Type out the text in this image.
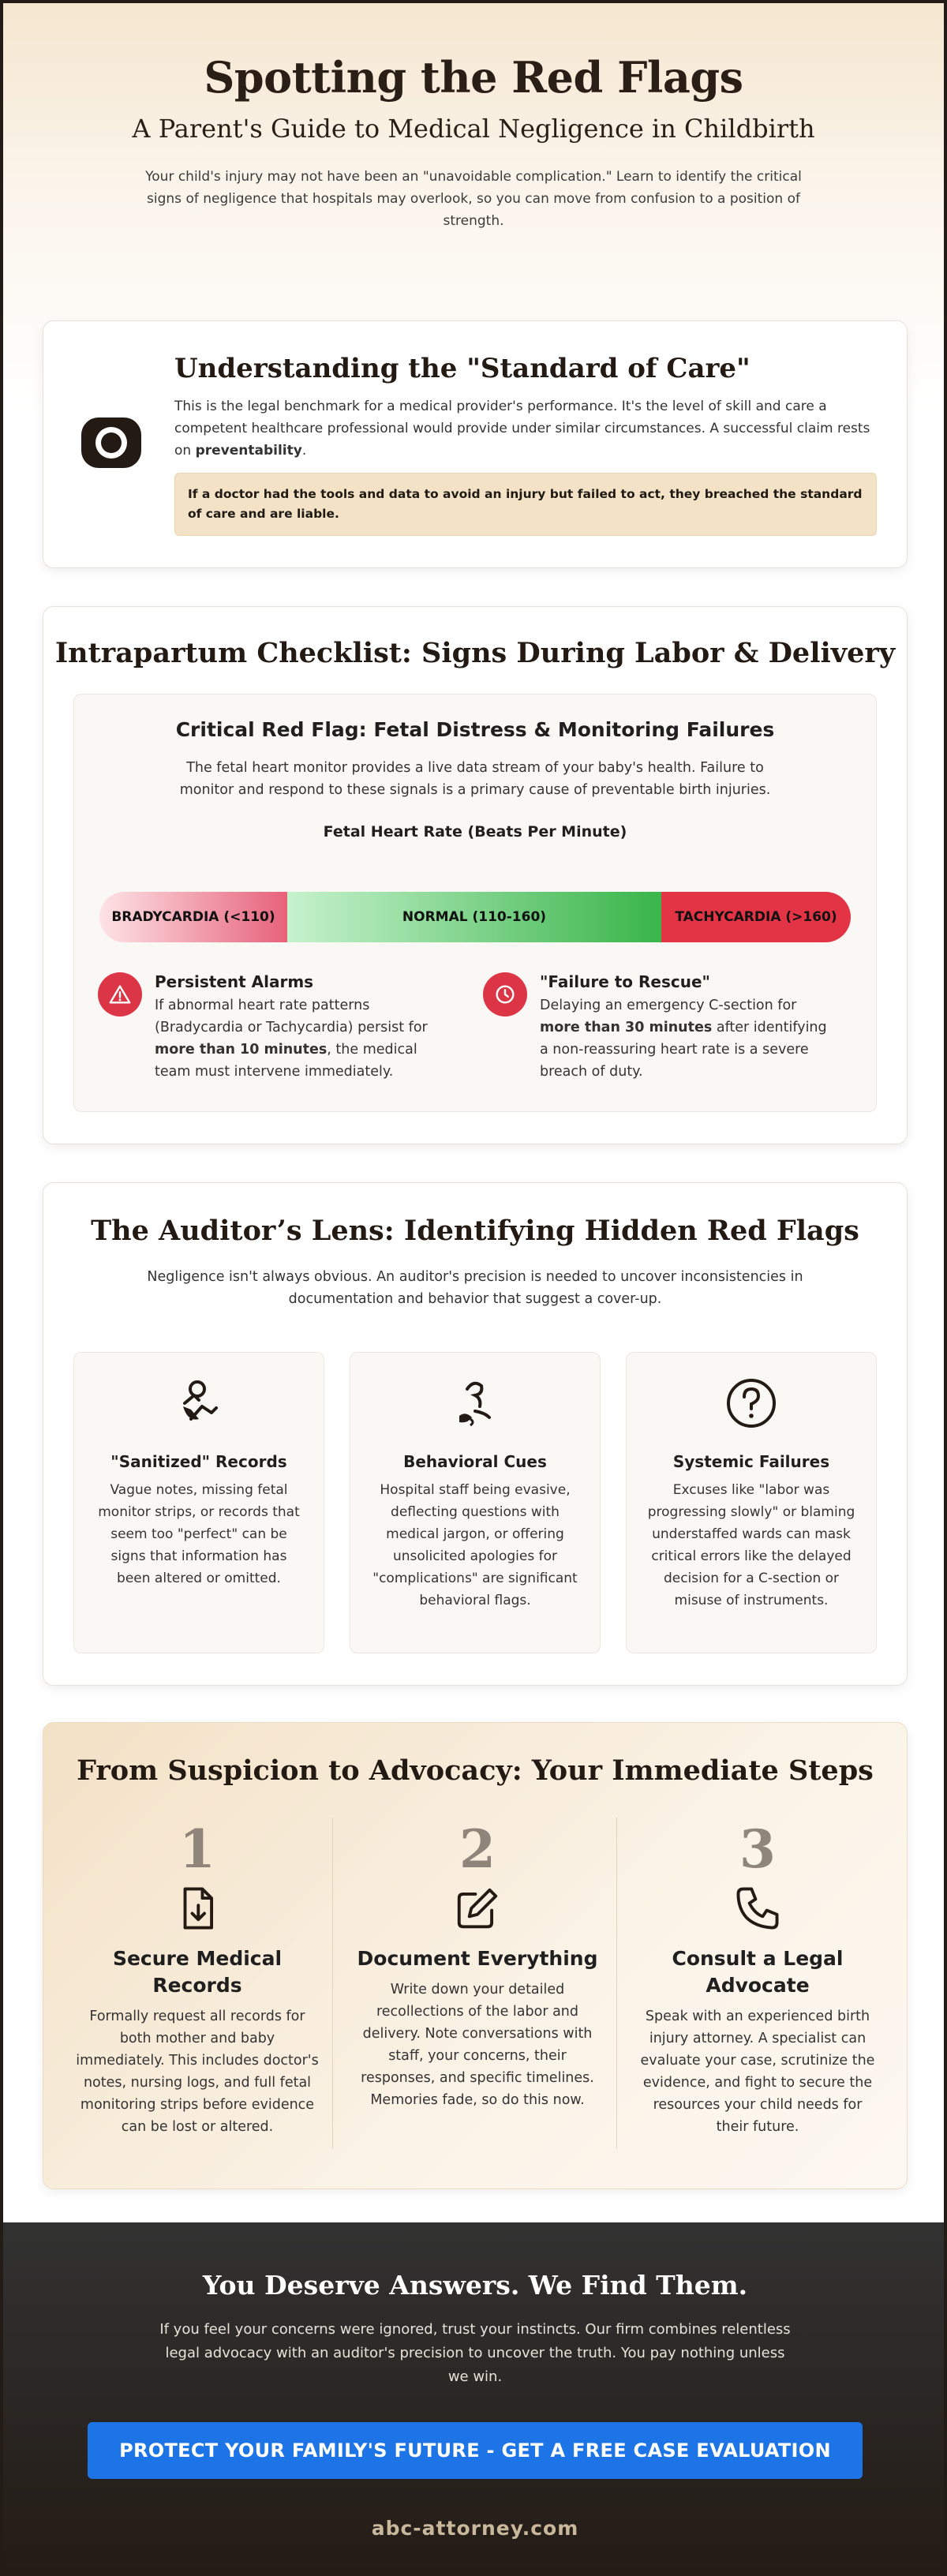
Spotting the Red Flags
A Parent's Guide to Medical Negligence in Childbirth

Your child's injury may not have been an "unavoidable complication." Learn to identify the critical signs of negligence that hospitals may overlook, so you can move from confusion to a position of strength.

Understanding the "Standard of Care"

This is the legal benchmark for a medical provider's performance. It's the level of skill and care a competent healthcare professional would provide under similar circumstances. A successful claim rests on preventability.

If a doctor had the tools and data to avoid an injury but failed to act, they breached the standard of care and are liable.
Intrapartum Checklist: Signs During Labor & Delivery
Critical Red Flag: Fetal Distress & Monitoring Failures
The fetal heart monitor provides a live data stream of your baby's health. Failure to monitor and respond to these signals is a primary cause of preventable birth injuries.
Fetal Heart Rate (Beats Per Minute)
BRADYCARDIA (<110)	NORMAL (110-160)	TACHYCARDIA (>160)
Persistent Alarms

If abnormal heart rate patterns (Bradycardia or Tachycardia) persist for more than 10 minutes, the medical team must intervene immediately.

"Failure to Rescue"

Delaying an emergency C-section for more than 30 minutes after identifying a non-reassuring heart rate is a severe breach of duty.

The Auditor’s Lens: Identifying Hidden Red Flags
Negligence isn't always obvious. An auditor's precision is needed to uncover inconsistencies in documentation and behavior that suggest a cover-up.
"Sanitized" Records

Vague notes, missing fetal monitor strips, or records that seem too "perfect" can be signs that information has been altered or omitted.

Behavioral Cues

Hospital staff being evasive, deflecting questions with medical jargon, or offering unsolicited apologies for "complications" are significant behavioral flags.

Systemic Failures

Excuses like "labor was progressing slowly" or blaming understaffed wards can mask critical errors like the delayed decision for a C-section or misuse of instruments.

From Suspicion to Advocacy: Your Immediate Steps
1
Secure Medical Records

Formally request all records for both mother and baby immediately. This includes doctor's notes, nursing logs, and full fetal monitoring strips before evidence can be lost or altered.

2
Document Everything

Write down your detailed recollections of the labor and delivery. Note conversations with staff, your concerns, their responses, and specific timelines. Memories fade, so do this now.

3
Consult a Legal Advocate

Speak with an experienced birth injury attorney. A specialist can evaluate your case, scrutinize the evidence, and fight to secure the resources your child needs for their future.

You Deserve Answers. We Find Them.

If you feel your concerns were ignored, trust your instincts. Our firm combines relentless legal advocacy with an auditor's precision to uncover the truth. You pay nothing unless we win.

PROTECT YOUR FAMILY'S FUTURE - GET A FREE CASE EVALUATION
abc-attorney.com
